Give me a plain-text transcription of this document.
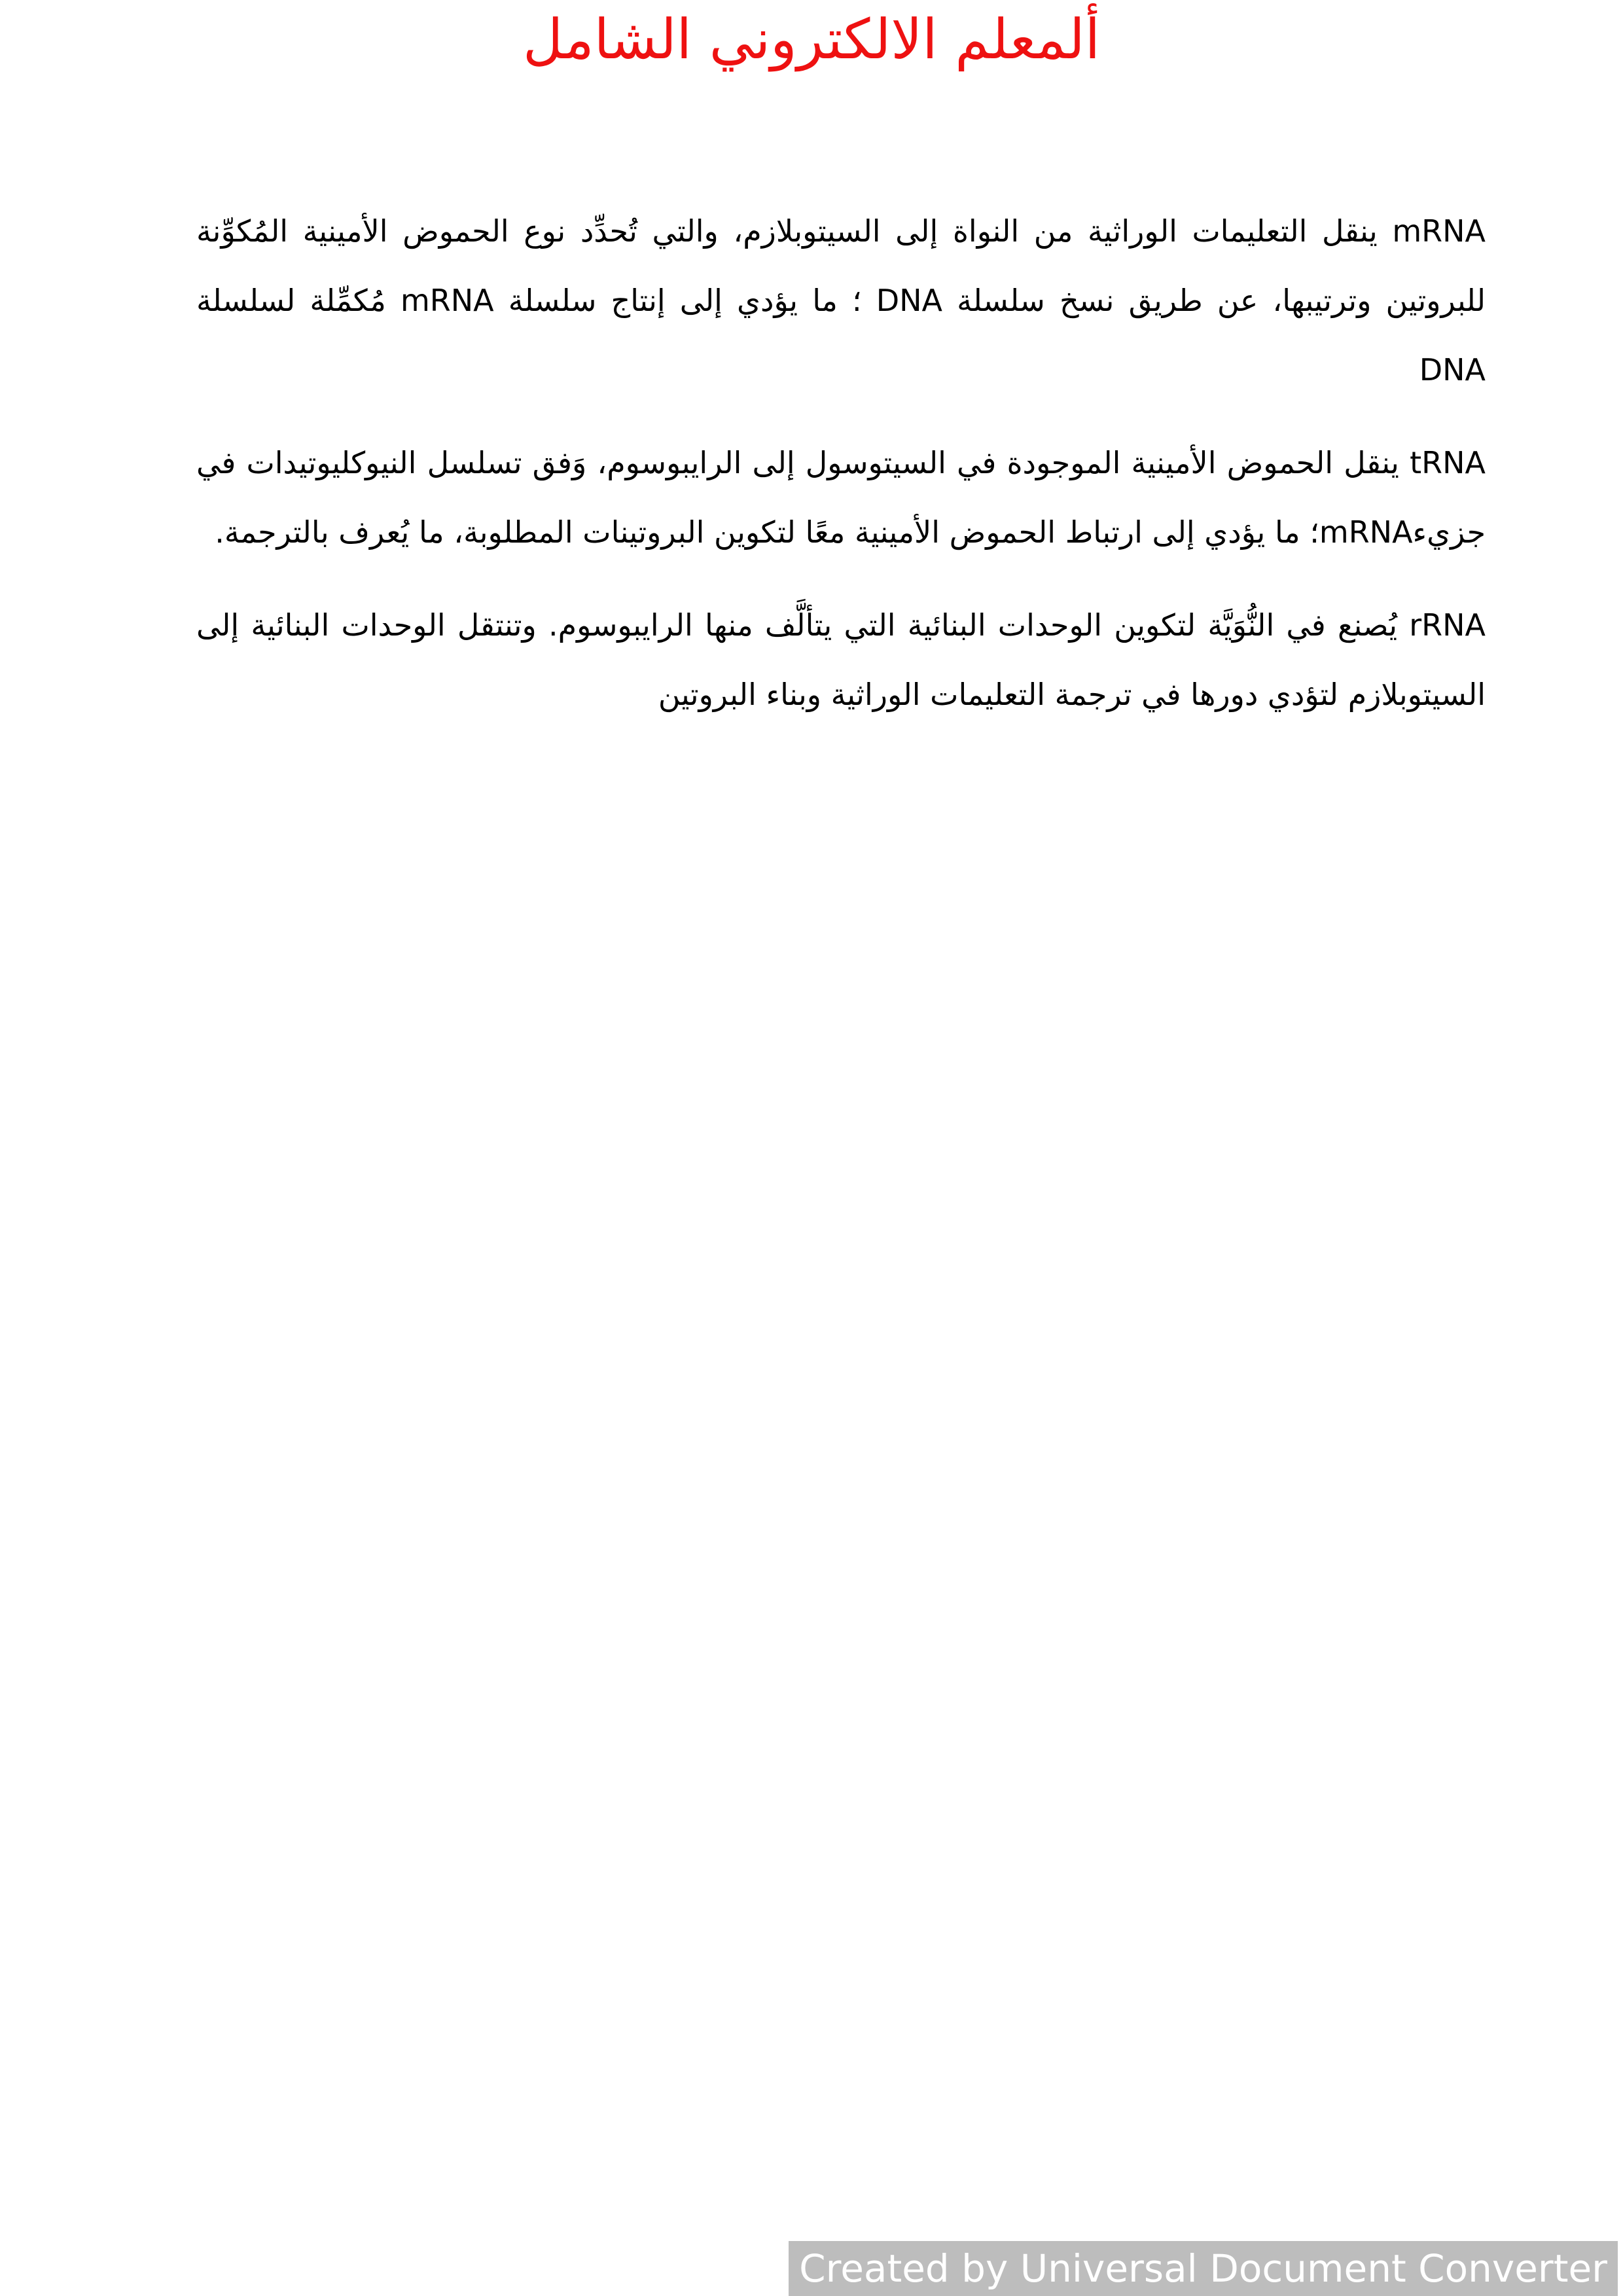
ألمعلم الالكتروني الشامل

mRNA ينقل التعليمات الوراثية من النواة إلى السيتوبلازم، والتي تُحدِّد نوع الحموض الأمينية المُكوِّنة للبروتين وترتيبها، عن طريق نسخ سلسلة DNA ؛ ما يؤدي إلى إنتاج سلسلة mRNA مُكمِّلة لسلسلة DNA

tRNA ينقل الحموض الأمينية الموجودة في السيتوسول إلى الرايبوسوم، وَفق تسلسل النيوكليوتيدات في جزيءmRNA؛ ما يؤدي إلى ارتباط الحموض الأمينية معًا لتكوين البروتينات المطلوبة، ما يُعرف بالترجمة.

rRNA يُصنع في النُّوَيَّة لتكوين الوحدات البنائية التي يتألَّف منها الرايبوسوم. وتنتقل الوحدات البنائية إلى السيتوبلازم لتؤدي دورها في ترجمة التعليمات الوراثية وبناء البروتين

Created by Universal Document Converter
